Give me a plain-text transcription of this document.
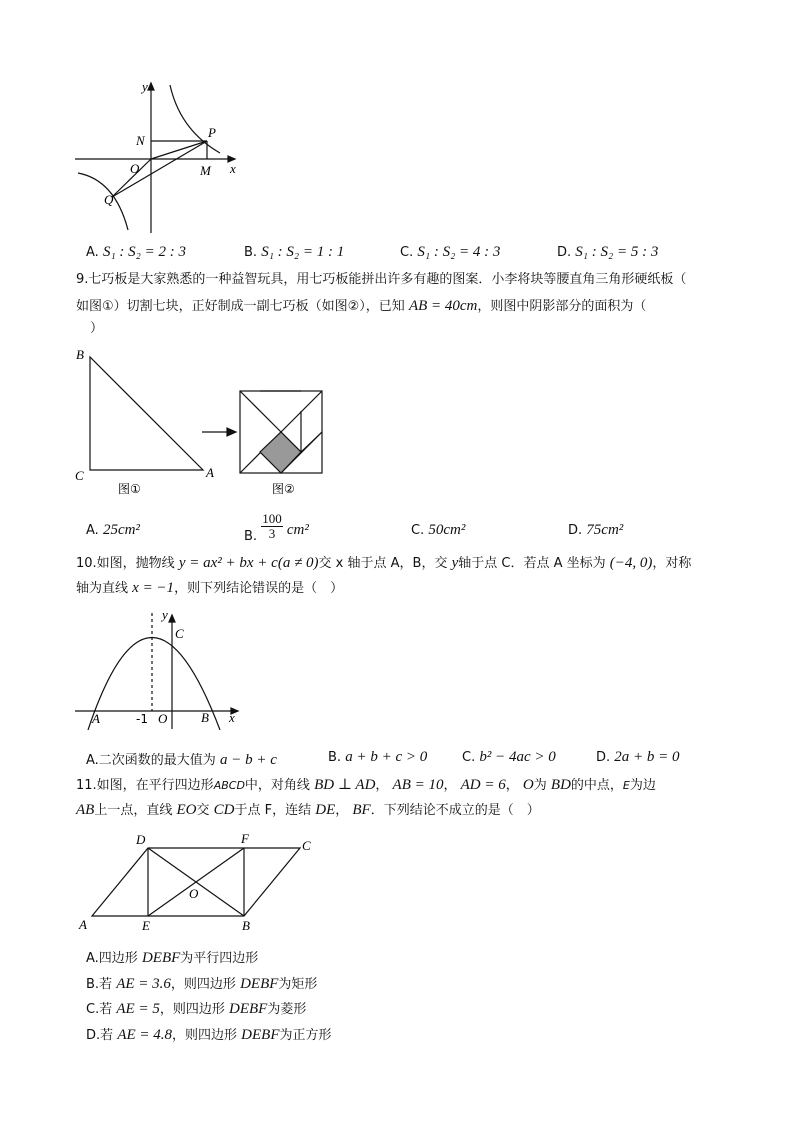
y
N
P
O	M x
Q
A. S₁ : S₂ = 2 : 3	B. S₁ : S₂ = 1 : 1	C. S₁ : S₂ = 4 : 3	D. S₁ : S₂ = 5 : 3
9.七巧板是大家熟悉的一种益智玩具，用七巧板能拼出许多有趣的图案．小李将块等腰直角三角形硬纸板（
如图①）切割七块，正好制成一副七巧板（如图②），已知 AB = 40cm，则图中阴影部分的面积为（
）
B
C	A
图①	图②
A. 25cm²	B. $\frac{100}{3} cm^2$	C. 50cm²	D. 75cm²
10.如图，抛物线 y = ax² + bx + c(a ≠ 0)交 x 轴于点 A，B，交 y轴于点 C．若点 A 坐标为 (−4, 0)，对称
轴为直线 x = −1，则下列结论错误的是（　）
y
C
A	-1 O	B x
A.二次函数的最大值为 a − b + c	B. a + b + c > 0	C. b² − 4ac > 0	D. 2a + b = 0
11.如图，在平行四边形ABCD中，对角线 BD ⊥ AD， AB = 10， AD = 6， O为 BD的中点，E为边
AB上一点，直线 EO交 CD于点 F，连结 DE， BF．下列结论不成立的是（　）
D	F	C
O
A	E	B
A.四边形 DEBF为平行四边形
B.若 AE = 3.6，则四边形 DEBF为矩形
C.若 AE = 5，则四边形 DEBF为菱形
D.若 AE = 4.8，则四边形 DEBF为正方形
